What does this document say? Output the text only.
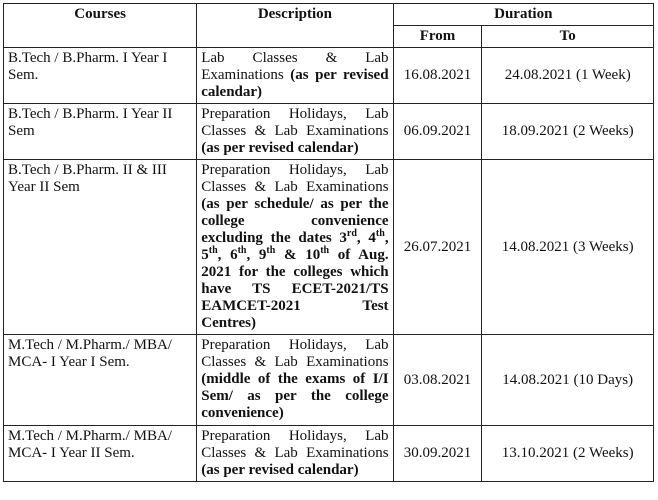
Courses	Description	Duration	
		From	To
B.Tech / B.Pharm. I Year I Sem.	Lab Classes & Lab Examinations (as per revised calendar)	16.08.2021	24.08.2021 (1 Week)
B.Tech / B.Pharm. I Year II Sem	Preparation Holidays, Lab Classes & Lab Examinations (as per revised calendar)	06.09.2021	18.09.2021 (2 Weeks)
B.Tech / B.Pharm. II & III Year II Sem	Preparation Holidays, Lab Classes & Lab Examinations (as per schedule/ as per the college convenience excluding the dates 3rd, 4th, 5th, 6th, 9th & 10th of Aug. 2021 for the colleges which have TS ECET-2021/TS EAMCET-2021 Test Centres)	26.07.2021	14.08.2021 (3 Weeks)
M.Tech / M.Pharm./ MBA/ MCA- I Year I Sem.	Preparation Holidays, Lab Classes & Lab Examinations (middle of the exams of I/I Sem/ as per the college convenience)	03.08.2021	14.08.2021 (10 Days)
M.Tech / M.Pharm./ MBA/ MCA- I Year II Sem.	Preparation Holidays, Lab Classes & Lab Examinations (as per revised calendar)	30.09.2021	13.10.2021 (2 Weeks)
